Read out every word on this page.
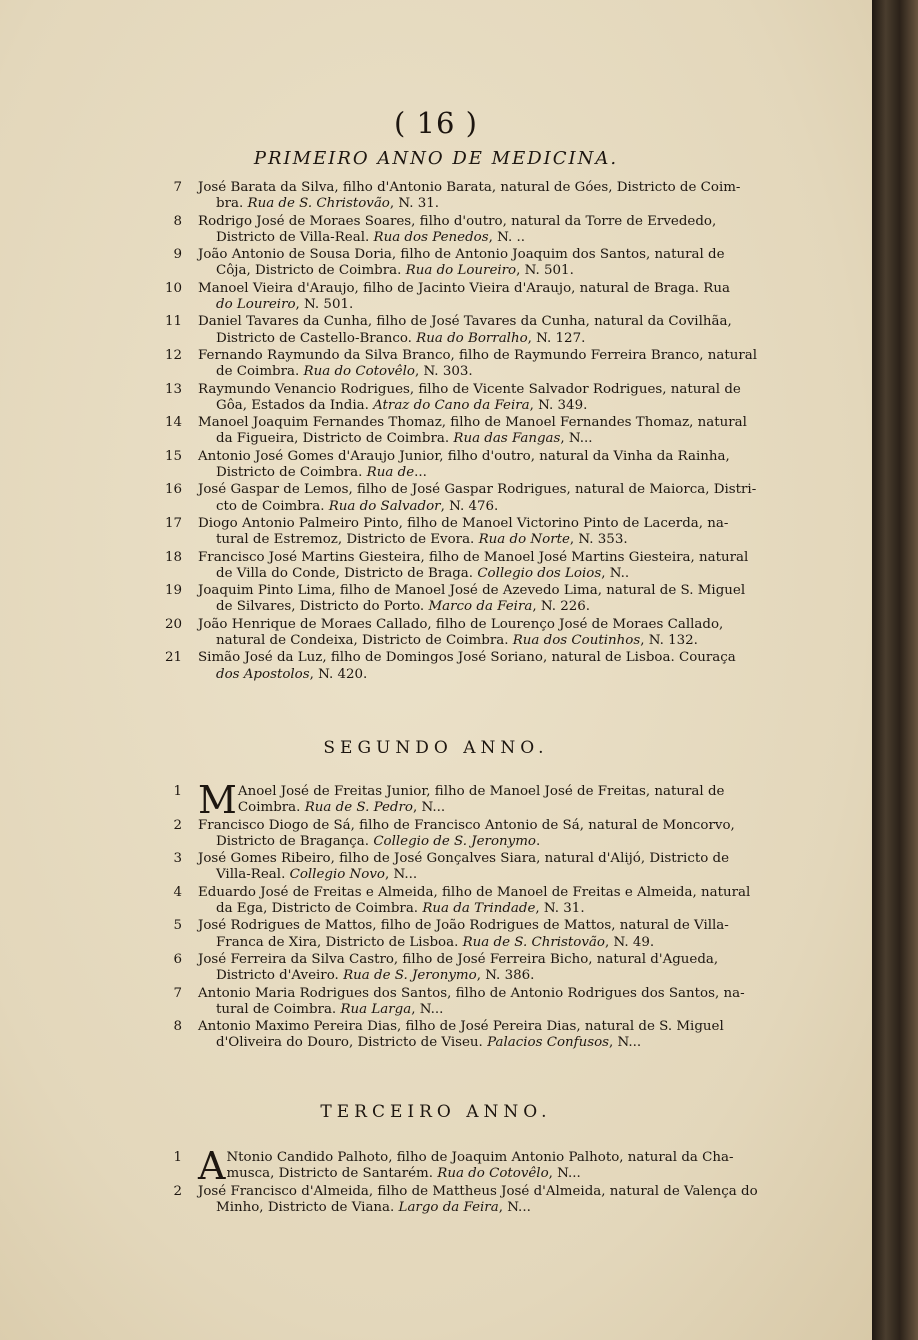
( 16 )
PRIMEIRO ANNO DE MEDICINA.
7 José Barata da Silva, filho d'Antonio Barata, natural de Góes, Districto de Coim-
bra. Rua de S. Christovão, N. 31.
8 Rodrigo José de Moraes Soares, filho d'outro, natural da Torre de Ervededo,
Districto de Villa-Real. Rua dos Penedos, N. ..
9 João Antonio de Sousa Doria, filho de Antonio Joaquim dos Santos, natural de
Côja, Districto de Coimbra. Rua do Loureiro, N. 501.
10 Manoel Vieira d'Araujo, filho de Jacinto Vieira d'Araujo, natural de Braga. Rua
do Loureiro, N. 501.
11 Daniel Tavares da Cunha, filho de José Tavares da Cunha, natural da Covilhãa,
Districto de Castello-Branco. Rua do Borralho, N. 127.
12 Fernando Raymundo da Silva Branco, filho de Raymundo Ferreira Branco, natural
de Coimbra. Rua do Cotovêlo, N. 303.
13 Raymundo Venancio Rodrigues, filho de Vicente Salvador Rodrigues, natural de
Gôa, Estados da India. Atraz do Cano da Feira, N. 349.
14 Manoel Joaquim Fernandes Thomaz, filho de Manoel Fernandes Thomaz, natural
da Figueira, Districto de Coimbra. Rua das Fangas, N...
15 Antonio José Gomes d'Araujo Junior, filho d'outro, natural da Vinha da Rainha,
Districto de Coimbra. Rua de...
16 José Gaspar de Lemos, filho de José Gaspar Rodrigues, natural de Maiorca, Distri-
cto de Coimbra. Rua do Salvador, N. 476.
17 Diogo Antonio Palmeiro Pinto, filho de Manoel Victorino Pinto de Lacerda, na-
tural de Estremoz, Districto de Evora. Rua do Norte, N. 353.
18 Francisco José Martins Giesteira, filho de Manoel José Martins Giesteira, natural
de Villa do Conde, Districto de Braga. Collegio dos Loios, N..
19 Joaquim Pinto Lima, filho de Manoel José de Azevedo Lima, natural de S. Miguel
de Silvares, Districto do Porto. Marco da Feira, N. 226.
20 João Henrique de Moraes Callado, filho de Lourenço José de Moraes Callado,
natural de Condeixa, Districto de Coimbra. Rua dos Coutinhos, N. 132.
21 Simão José da Luz, filho de Domingos José Soriano, natural de Lisboa. Couraça
dos Apostolos, N. 420.
SEGUNDO ANNO.
1 M Anoel José de Freitas Junior, filho de Manoel José de Freitas, natural de
Coimbra. Rua de S. Pedro, N...
2 Francisco Diogo de Sá, filho de Francisco Antonio de Sá, natural de Moncorvo,
Districto de Bragança. Collegio de S. Jeronymo.
3 José Gomes Ribeiro, filho de José Gonçalves Siara, natural d'Alijó, Districto de
Villa-Real. Collegio Novo, N...
4 Eduardo José de Freitas e Almeida, filho de Manoel de Freitas e Almeida, natural
da Ega, Districto de Coimbra. Rua da Trindade, N. 31.
5 José Rodrigues de Mattos, filho de João Rodrigues de Mattos, natural de Villa-
Franca de Xira, Districto de Lisboa. Rua de S. Christovão, N. 49.
6 José Ferreira da Silva Castro, filho de José Ferreira Bicho, natural d'Agueda,
Districto d'Aveiro. Rua de S. Jeronymo, N. 386.
7 Antonio Maria Rodrigues dos Santos, filho de Antonio Rodrigues dos Santos, na-
tural de Coimbra. Rua Larga, N...
8 Antonio Maximo Pereira Dias, filho de José Pereira Dias, natural de S. Miguel
d'Oliveira do Douro, Districto de Viseu. Palacios Confusos, N...
TERCEIRO ANNO.
1 A Ntonio Candido Palhoto, filho de Joaquim Antonio Palhoto, natural da Cha-
musca, Districto de Santarém. Rua do Cotovêlo, N...
2 José Francisco d'Almeida, filho de Mattheus José d'Almeida, natural de Valença do
Minho, Districto de Viana. Largo da Feira, N...
